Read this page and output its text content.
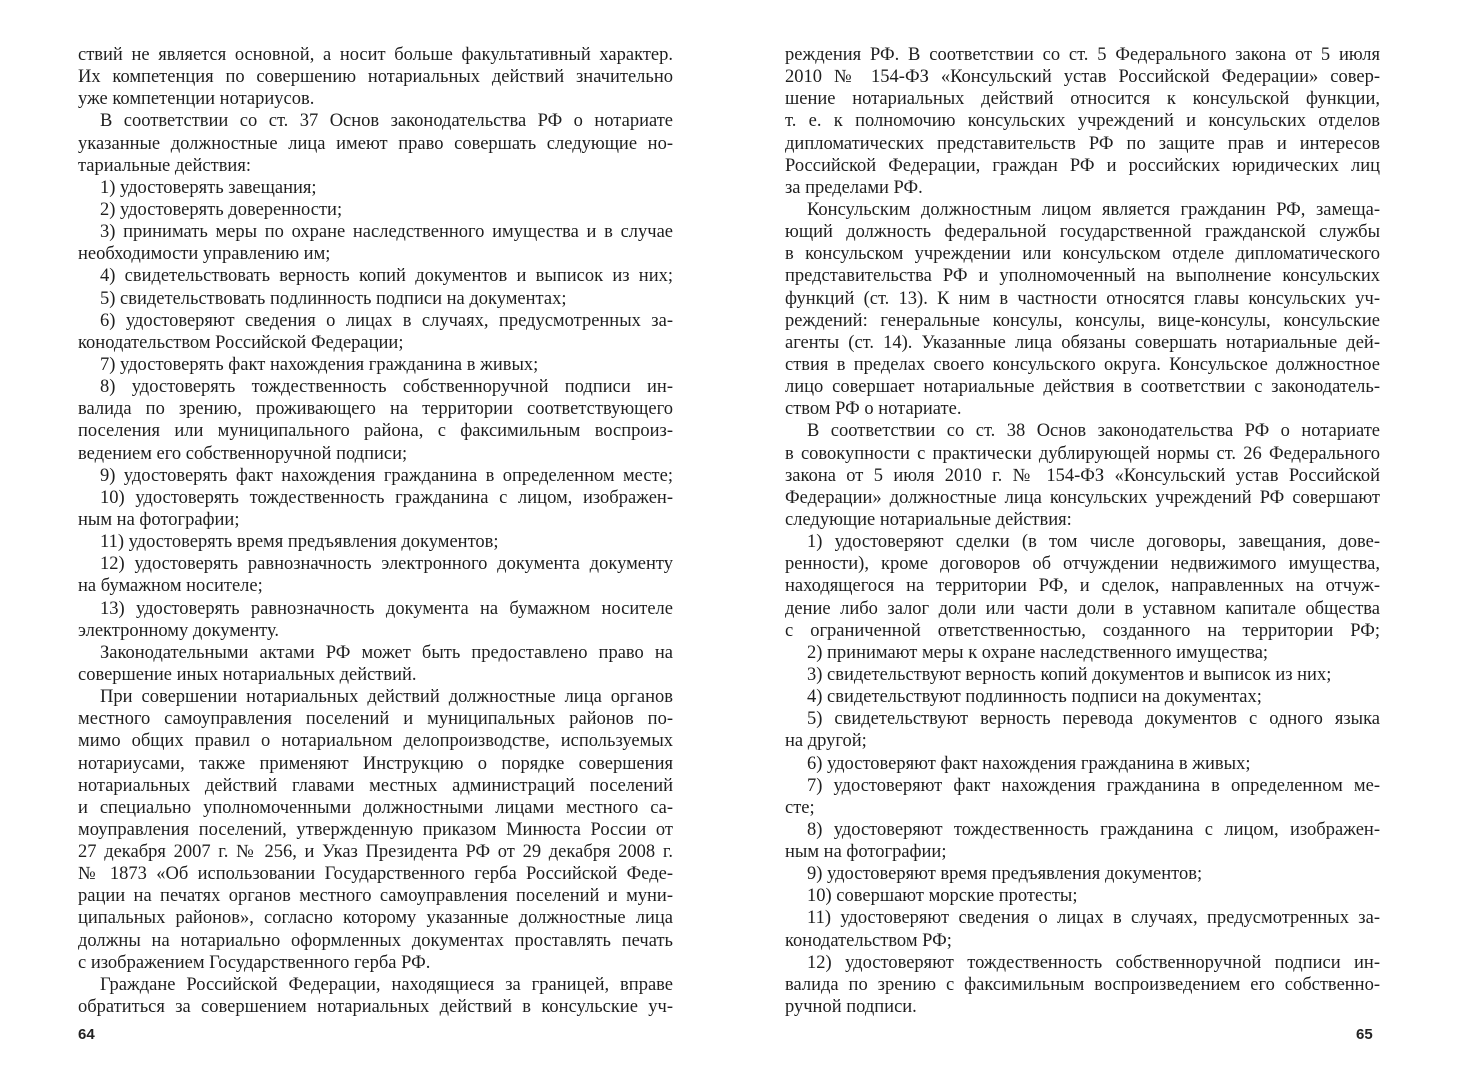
ствий не является основной, а носит больше факультативный характер.
Их компетенция по совершению нотариальных действий значительно
уже компетенции нотариусов.
В соответствии со ст. 37 Основ законодательства РФ о нотариате
указанные должностные лица имеют право совершать следующие но-
тариальные действия:
1) удостоверять завещания;
2) удостоверять доверенности;
3) принимать меры по охране наследственного имущества и в случае
необходимости управлению им;
4) свидетельствовать верность копий документов и выписок из них;
5) свидетельствовать подлинность подписи на документах;
6) удостоверяют сведения о лицах в случаях, предусмотренных за-
конодательством Российской Федерации;
7) удостоверять факт нахождения гражданина в живых;
8) удостоверять тождественность собственноручной подписи ин-
валида по зрению, проживающего на территории соответствующего
поселения или муниципального района, с факсимильным воспроиз-
ведением его собственноручной подписи;
9) удостоверять факт нахождения гражданина в определенном месте;
10) удостоверять тождественность гражданина с лицом, изображен-
ным на фотографии;
11) удостоверять время предъявления документов;
12) удостоверять равнозначность электронного документа документу
на бумажном носителе;
13) удостоверять равнозначность документа на бумажном носителе
электронному документу.
Законодательными актами РФ может быть предоставлено право на
совершение иных нотариальных действий.
При совершении нотариальных действий должностные лица органов
местного самоуправления поселений и муниципальных районов по-
мимо общих правил о нотариальном делопроизводстве, используемых
нотариусами, также применяют Инструкцию о порядке совершения
нотариальных действий главами местных администраций поселений
и специально уполномоченными должностными лицами местного са-
моуправления поселений, утвержденную приказом Минюста России от
27 декабря 2007 г. № 256, и Указ Президента РФ от 29 декабря 2008 г.
№ 1873 «Об использовании Государственного герба Российской Феде-
рации на печатях органов местного самоуправления поселений и муни-
ципальных районов», согласно которому указанные должностные лица
должны на нотариально оформленных документах проставлять печать
с изображением Государственного герба РФ.
Граждане Российской Федерации, находящиеся за границей, вправе
обратиться за совершением нотариальных действий в консульские уч-
реждения РФ. В соответствии со ст. 5 Федерального закона от 5 июля
2010 № 154-ФЗ «Консульский устав Российской Федерации» совер-
шение нотариальных действий относится к консульской функции,
т. е. к полномочию консульских учреждений и консульских отделов
дипломатических представительств РФ по защите прав и интересов
Российской Федерации, граждан РФ и российских юридических лиц
за пределами РФ.
Консульским должностным лицом является гражданин РФ, замеща-
ющий должность федеральной государственной гражданской службы
в консульском учреждении или консульском отделе дипломатического
представительства РФ и уполномоченный на выполнение консульских
функций (ст. 13). К ним в частности относятся главы консульских уч-
реждений: генеральные консулы, консулы, вице-консулы, консульские
агенты (ст. 14). Указанные лица обязаны совершать нотариальные дей-
ствия в пределах своего консульского округа. Консульское должностное
лицо совершает нотариальные действия в соответствии с законодатель-
ством РФ о нотариате.
В соответствии со ст. 38 Основ законодательства РФ о нотариате
в совокупности с практически дублирующей нормы ст. 26 Федерального
закона от 5 июля 2010 г. № 154-ФЗ «Консульский устав Российской
Федерации» должностные лица консульских учреждений РФ совершают
следующие нотариальные действия:
1) удостоверяют сделки (в том числе договоры, завещания, дове-
ренности), кроме договоров об отчуждении недвижимого имущества,
находящегося на территории РФ, и сделок, направленных на отчуж-
дение либо залог доли или части доли в уставном капитале общества
с ограниченной ответственностью, созданного на территории РФ;
2) принимают меры к охране наследственного имущества;
3) свидетельствуют верность копий документов и выписок из них;
4) свидетельствуют подлинность подписи на документах;
5) свидетельствуют верность перевода документов с одного языка
на другой;
6) удостоверяют факт нахождения гражданина в живых;
7) удостоверяют факт нахождения гражданина в определенном ме-
сте;
8) удостоверяют тождественность гражданина с лицом, изображен-
ным на фотографии;
9) удостоверяют время предъявления документов;
10) совершают морские протесты;
11) удостоверяют сведения о лицах в случаях, предусмотренных за-
конодательством РФ;
12) удостоверяют тождественность собственноручной подписи ин-
валида по зрению с факсимильным воспроизведением его собственно-
ручной подписи.
64	65
